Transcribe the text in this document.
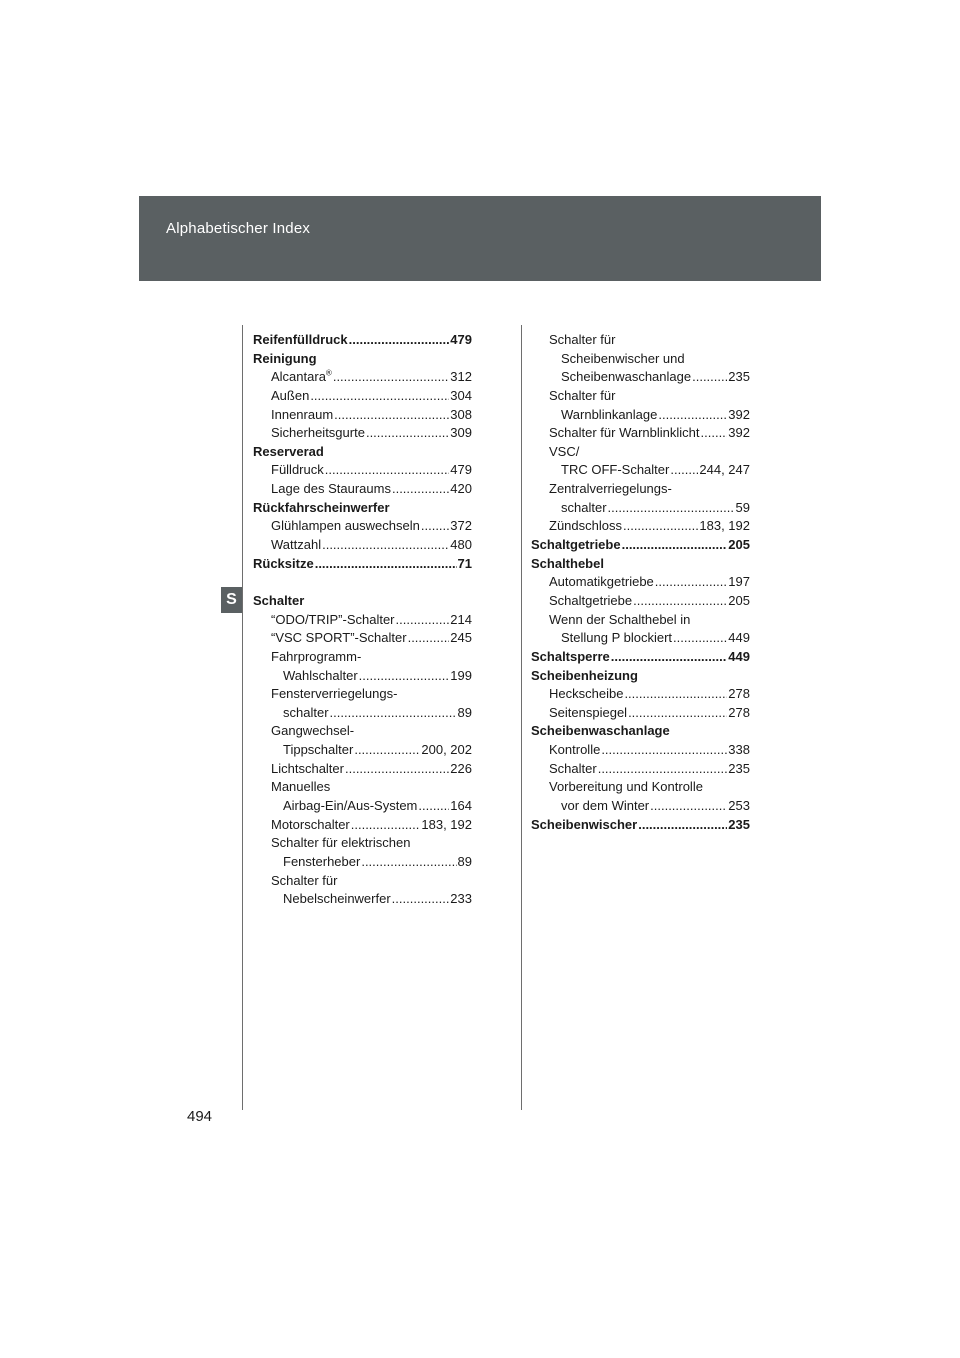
Alphabetischer Index
S
Reifenfülldruck .....	479
Reinigung
Alcantara® .....	312
Außen .....	304
Innenraum .....	308
Sicherheitsgurte .....	309
Reserverad
Fülldruck .....	479
Lage des Stauraums .....	420
Rückfahrscheinwerfer
Glühlampen auswechseln ..... 372
Wattzahl .....	480
Rücksitze .....	71
Schalter
“ODO/TRIP”-Schalter .....	214
“VSC SPORT”-Schalter .....	245
Fahrprogramm-
Wahlschalter .....	199
Fensterverriegelungs-
schalter .....	89
Gangwechsel-
Tippschalter .....	200, 202
Lichtschalter .....	226
Manuelles
Airbag-Ein/Aus-System .....	164
Motorschalter .....	183, 192
Schalter für elektrischen
Fensterheber .....	89
Schalter für
Nebelscheinwerfer .....	233
Schalter für
Scheibenwischer und
Scheibenwaschanlage .....	235
Schalter für
Warnblinkanlage .....	392
Schalter für Warnblinklicht ..... 392
VSC/
TRC OFF-Schalter ..... 244, 247
Zentralverriegelungs-
schalter .....	59
Zündschloss .....	183, 192
Schaltgetriebe .....	205
Schalthebel
Automatikgetriebe .....	197
Schaltgetriebe .....	205
Wenn der Schalthebel in
Stellung P blockiert .....	449
Schaltsperre .....	449
Scheibenheizung
Heckscheibe .....	278
Seitenspiegel .....	278
Scheibenwaschanlage
Kontrolle .....	338
Schalter .....	235
Vorbereitung und Kontrolle
vor dem Winter .....	253
Scheibenwischer .....	235
494
